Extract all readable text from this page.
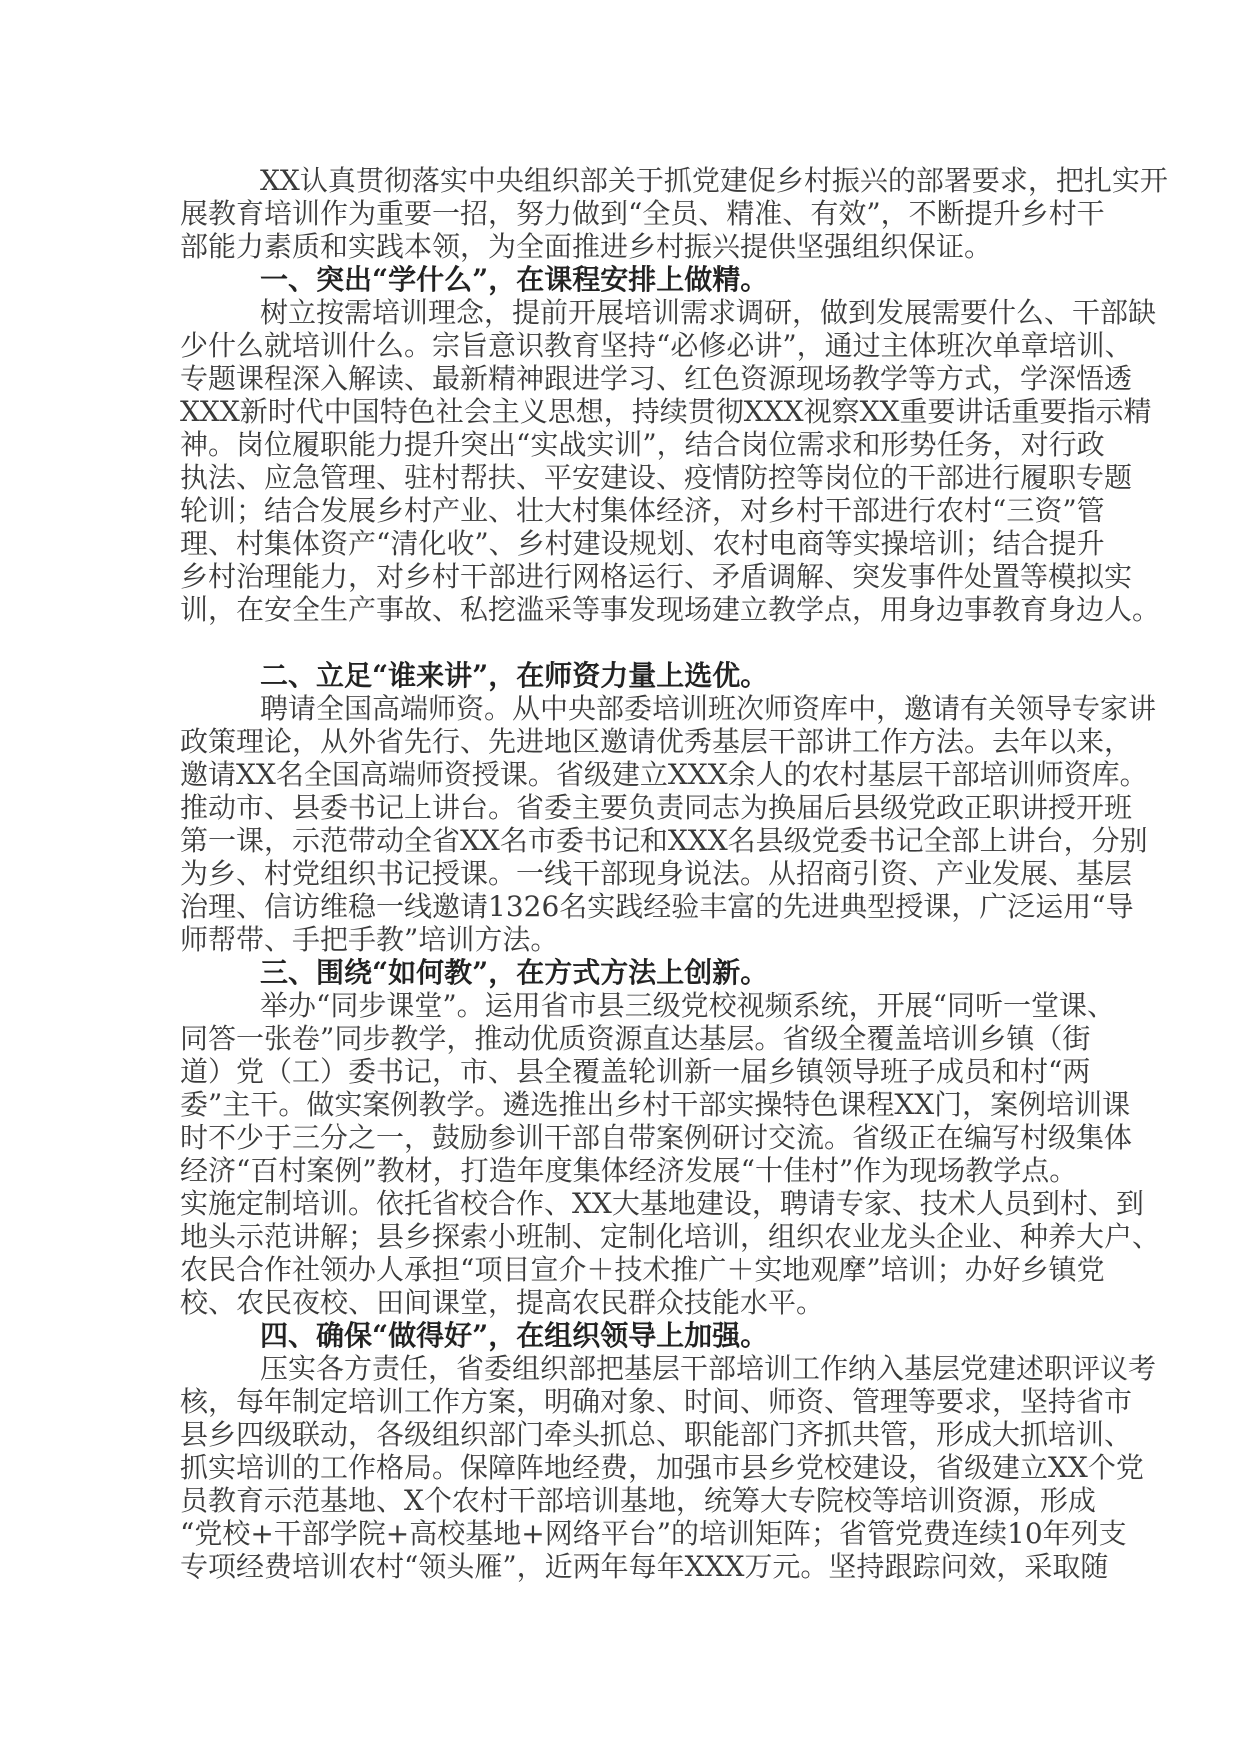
XX认真贯彻落实中央组织部关于抓党建促乡村振兴的部署要求，把扎实开
展教育培训作为重要一招，努力做到“全员、精准、有效”，不断提升乡村干
部能力素质和实践本领，为全面推进乡村振兴提供坚强组织保证。
一、突出“学什么”，在课程安排上做精。
树立按需培训理念，提前开展培训需求调研，做到发展需要什么、干部缺
少什么就培训什么。宗旨意识教育坚持“必修必讲”，通过主体班次单章培训、
专题课程深入解读、最新精神跟进学习、红色资源现场教学等方式，学深悟透
XXX新时代中国特色社会主义思想，持续贯彻XXX视察XX重要讲话重要指示精
神。岗位履职能力提升突出“实战实训”，结合岗位需求和形势任务，对行政
执法、应急管理、驻村帮扶、平安建设、疫情防控等岗位的干部进行履职专题
轮训；结合发展乡村产业、壮大村集体经济，对乡村干部进行农村“三资”管
理、村集体资产“清化收”、乡村建设规划、农村电商等实操培训；结合提升
乡村治理能力，对乡村干部进行网格运行、矛盾调解、突发事件处置等模拟实
训，在安全生产事故、私挖滥采等事发现场建立教学点，用身边事教育身边人。
二、立足“谁来讲”，在师资力量上选优。
聘请全国高端师资。从中央部委培训班次师资库中，邀请有关领导专家讲
政策理论，从外省先行、先进地区邀请优秀基层干部讲工作方法。去年以来，
邀请XX名全国高端师资授课。省级建立XXX余人的农村基层干部培训师资库。
推动市、县委书记上讲台。省委主要负责同志为换届后县级党政正职讲授开班
第一课，示范带动全省XX名市委书记和XXX名县级党委书记全部上讲台，分别
为乡、村党组织书记授课。一线干部现身说法。从招商引资、产业发展、基层
治理、信访维稳一线邀请1326名实践经验丰富的先进典型授课，广泛运用“导
师帮带、手把手教”培训方法。
三、围绕“如何教”，在方式方法上创新。
举办“同步课堂”。运用省市县三级党校视频系统，开展“同听一堂课、
同答一张卷”同步教学，推动优质资源直达基层。省级全覆盖培训乡镇（街
道）党（工）委书记，市、县全覆盖轮训新一届乡镇领导班子成员和村“两
委”主干。做实案例教学。遴选推出乡村干部实操特色课程XX门，案例培训课
时不少于三分之一，鼓励参训干部自带案例研讨交流。省级正在编写村级集体
经济“百村案例”教材，打造年度集体经济发展“十佳村”作为现场教学点。
实施定制培训。依托省校合作、XX大基地建设，聘请专家、技术人员到村、到
地头示范讲解；县乡探索小班制、定制化培训，组织农业龙头企业、种养大户、
农民合作社领办人承担“项目宣介＋技术推广＋实地观摩”培训；办好乡镇党
校、农民夜校、田间课堂，提高农民群众技能水平。
四、确保“做得好”，在组织领导上加强。
压实各方责任，省委组织部把基层干部培训工作纳入基层党建述职评议考
核，每年制定培训工作方案，明确对象、时间、师资、管理等要求，坚持省市
县乡四级联动，各级组织部门牵头抓总、职能部门齐抓共管，形成大抓培训、
抓实培训的工作格局。保障阵地经费，加强市县乡党校建设，省级建立XX个党
员教育示范基地、X个农村干部培训基地，统筹大专院校等培训资源，形成
“党校+干部学院+高校基地+网络平台”的培训矩阵；省管党费连续10年列支
专项经费培训农村“领头雁”，近两年每年XXX万元。坚持跟踪问效，采取随
